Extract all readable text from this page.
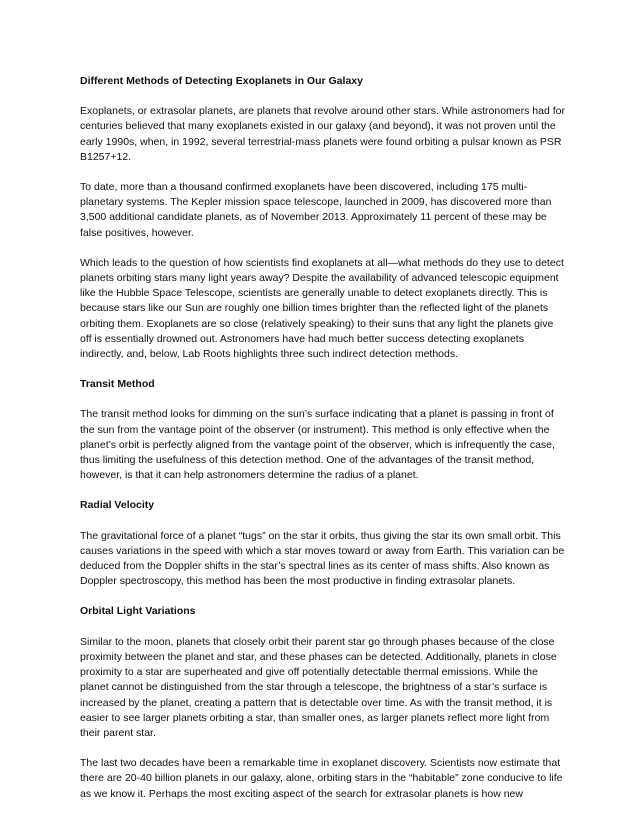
Different Methods of Detecting Exoplanets in Our Galaxy

Exoplanets, or extrasolar planets, are planets that revolve around other stars. While astronomers had for centuries believed that many exoplanets existed in our galaxy (and beyond), it was not proven until the early 1990s, when, in 1992, several terrestrial-mass planets were found orbiting a pulsar known as PSR B1257+12.

To date, more than a thousand confirmed exoplanets have been discovered, including 175 multi-planetary systems. The Kepler mission space telescope, launched in 2009, has discovered more than 3,500 additional candidate planets, as of November 2013. Approximately 11 percent of these may be false positives, however.

Which leads to the question of how scientists find exoplanets at all—what methods do they use to detect planets orbiting stars many light years away? Despite the availability of advanced telescopic equipment like the Hubble Space Telescope, scientists are generally unable to detect exoplanets directly. This is because stars like our Sun are roughly one billion times brighter than the reflected light of the planets orbiting them. Exoplanets are so close (relatively speaking) to their suns that any light the planets give off is essentially drowned out. Astronomers have had much better success detecting exoplanets indirectly, and, below, Lab Roots highlights three such indirect detection methods.

Transit Method

The transit method looks for dimming on the sun’s surface indicating that a planet is passing in front of the sun from the vantage point of the observer (or instrument). This method is only effective when the planet’s orbit is perfectly aligned from the vantage point of the observer, which is infrequently the case, thus limiting the usefulness of this detection method. One of the advantages of the transit method, however, is that it can help astronomers determine the radius of a planet.

Radial Velocity

The gravitational force of a planet “tugs” on the star it orbits, thus giving the star its own small orbit. This causes variations in the speed with which a star moves toward or away from Earth. This variation can be deduced from the Doppler shifts in the star’s spectral lines as its center of mass shifts. Also known as Doppler spectroscopy, this method has been the most productive in finding extrasolar planets.

Orbital Light Variations

Similar to the moon, planets that closely orbit their parent star go through phases because of the close proximity between the planet and star, and these phases can be detected. Additionally, planets in close proximity to a star are superheated and give off potentially detectable thermal emissions. While the planet cannot be distinguished from the star through a telescope, the brightness of a star’s surface is increased by the planet, creating a pattern that is detectable over time. As with the transit method, it is easier to see larger planets orbiting a star, than smaller ones, as larger planets reflect more light from their parent star.

The last two decades have been a remarkable time in exoplanet discovery. Scientists now estimate that there are 20-40 billion planets in our galaxy, alone, orbiting stars in the “habitable” zone conducive to life as we know it. Perhaps the most exciting aspect of the search for extrasolar planets is how new
